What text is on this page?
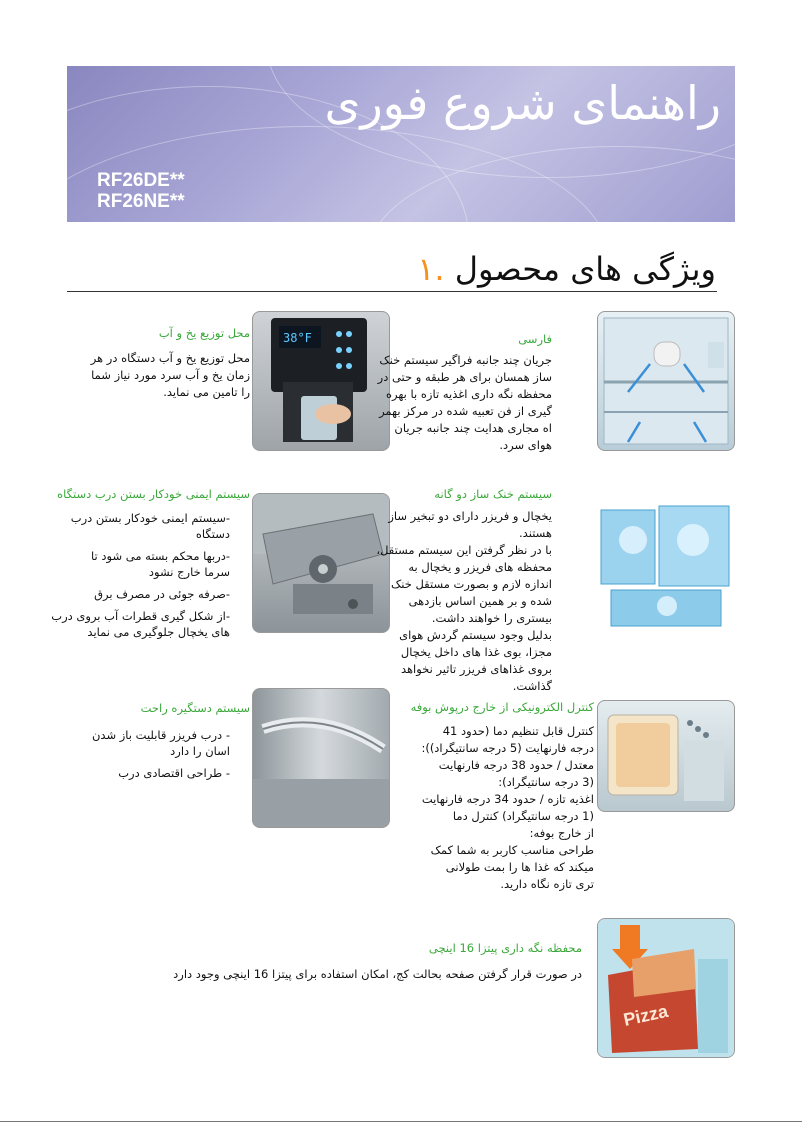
راهنمای شروع فوری
RF26DE**
RF26NE**
ویژگی های محصول .۱
محل توزیع یخ و آب

محل توزیع یخ و آب دستگاه در هر

زمان یخ و آب سرد مورد نیاز شما

را تامین می نماید.

38°F	فارسی

جریان چند جانبه فراگیر سیستم خنک

ساز همسان برای هر طبقه و حتی در

محفظه نگه داری اغذیه تازه با بهره

گیری از فن تعبیه شده در مرکز بهمر

اه مجاری هدایت چند جانبه جریان

هوای سرد.

سیستم ایمنی خودکار بستن درب دستگاه
-سیستم ایمنی خودکار بستن درب دستگاه
-دربها محکم بسته می شود تا سرما خارج نشود
-صرفه جوئی در مصرف برق
-از شکل گیری قطرات آب بروی درب های یخچال جلوگیری می نماید
سیستم خنک ساز دو گانه

یخچال و فریزر دارای دو تبخیر ساز

هستند.

با در نظر گرفتن این سیستم مستقل،

محفظه های فریزر و یخچال به

اندازه لازم و بصورت مستقل خنک

شده و بر همین اساس بازدهی

بیستری را خواهند داشت.

بدلیل وجود سیستم گردش هوای

مجزا، بوی غذا های داخل یخچال

بروی غذاهای فریزر تاثیر نخواهد

گذاشت.

سیستم دستگیره راحت
- درب فریزر قابلیت باز شدن اسان را دارد
- طراحی اقتصادی درب
کنترل الکترونیکی از خارج درپوش بوفه

کنترل قابل تنظیم دما (حدود 41

درجه فارنهایت (5 درجه سانتیگراد)):

معتدل / حدود 38 درجه فارنهایت

(3 درجه سانتیگراد):

اغذیه تازه / حدود 34 درجه فارنهایت

(1 درجه سانتیگراد) کنترل دما

از خارج بوفه:

طراحی مناسب کاربر به شما کمک

میکند که غذا ها را بمت طولانی

تری تازه نگاه دارید.

محفظه نگه داری پیتزا 16 اینچی

در صورت قرار گرفتن صفحه بحالت کج، امکان استفاده برای پیتزا 16 اینچی وجود دارد

Pizza
